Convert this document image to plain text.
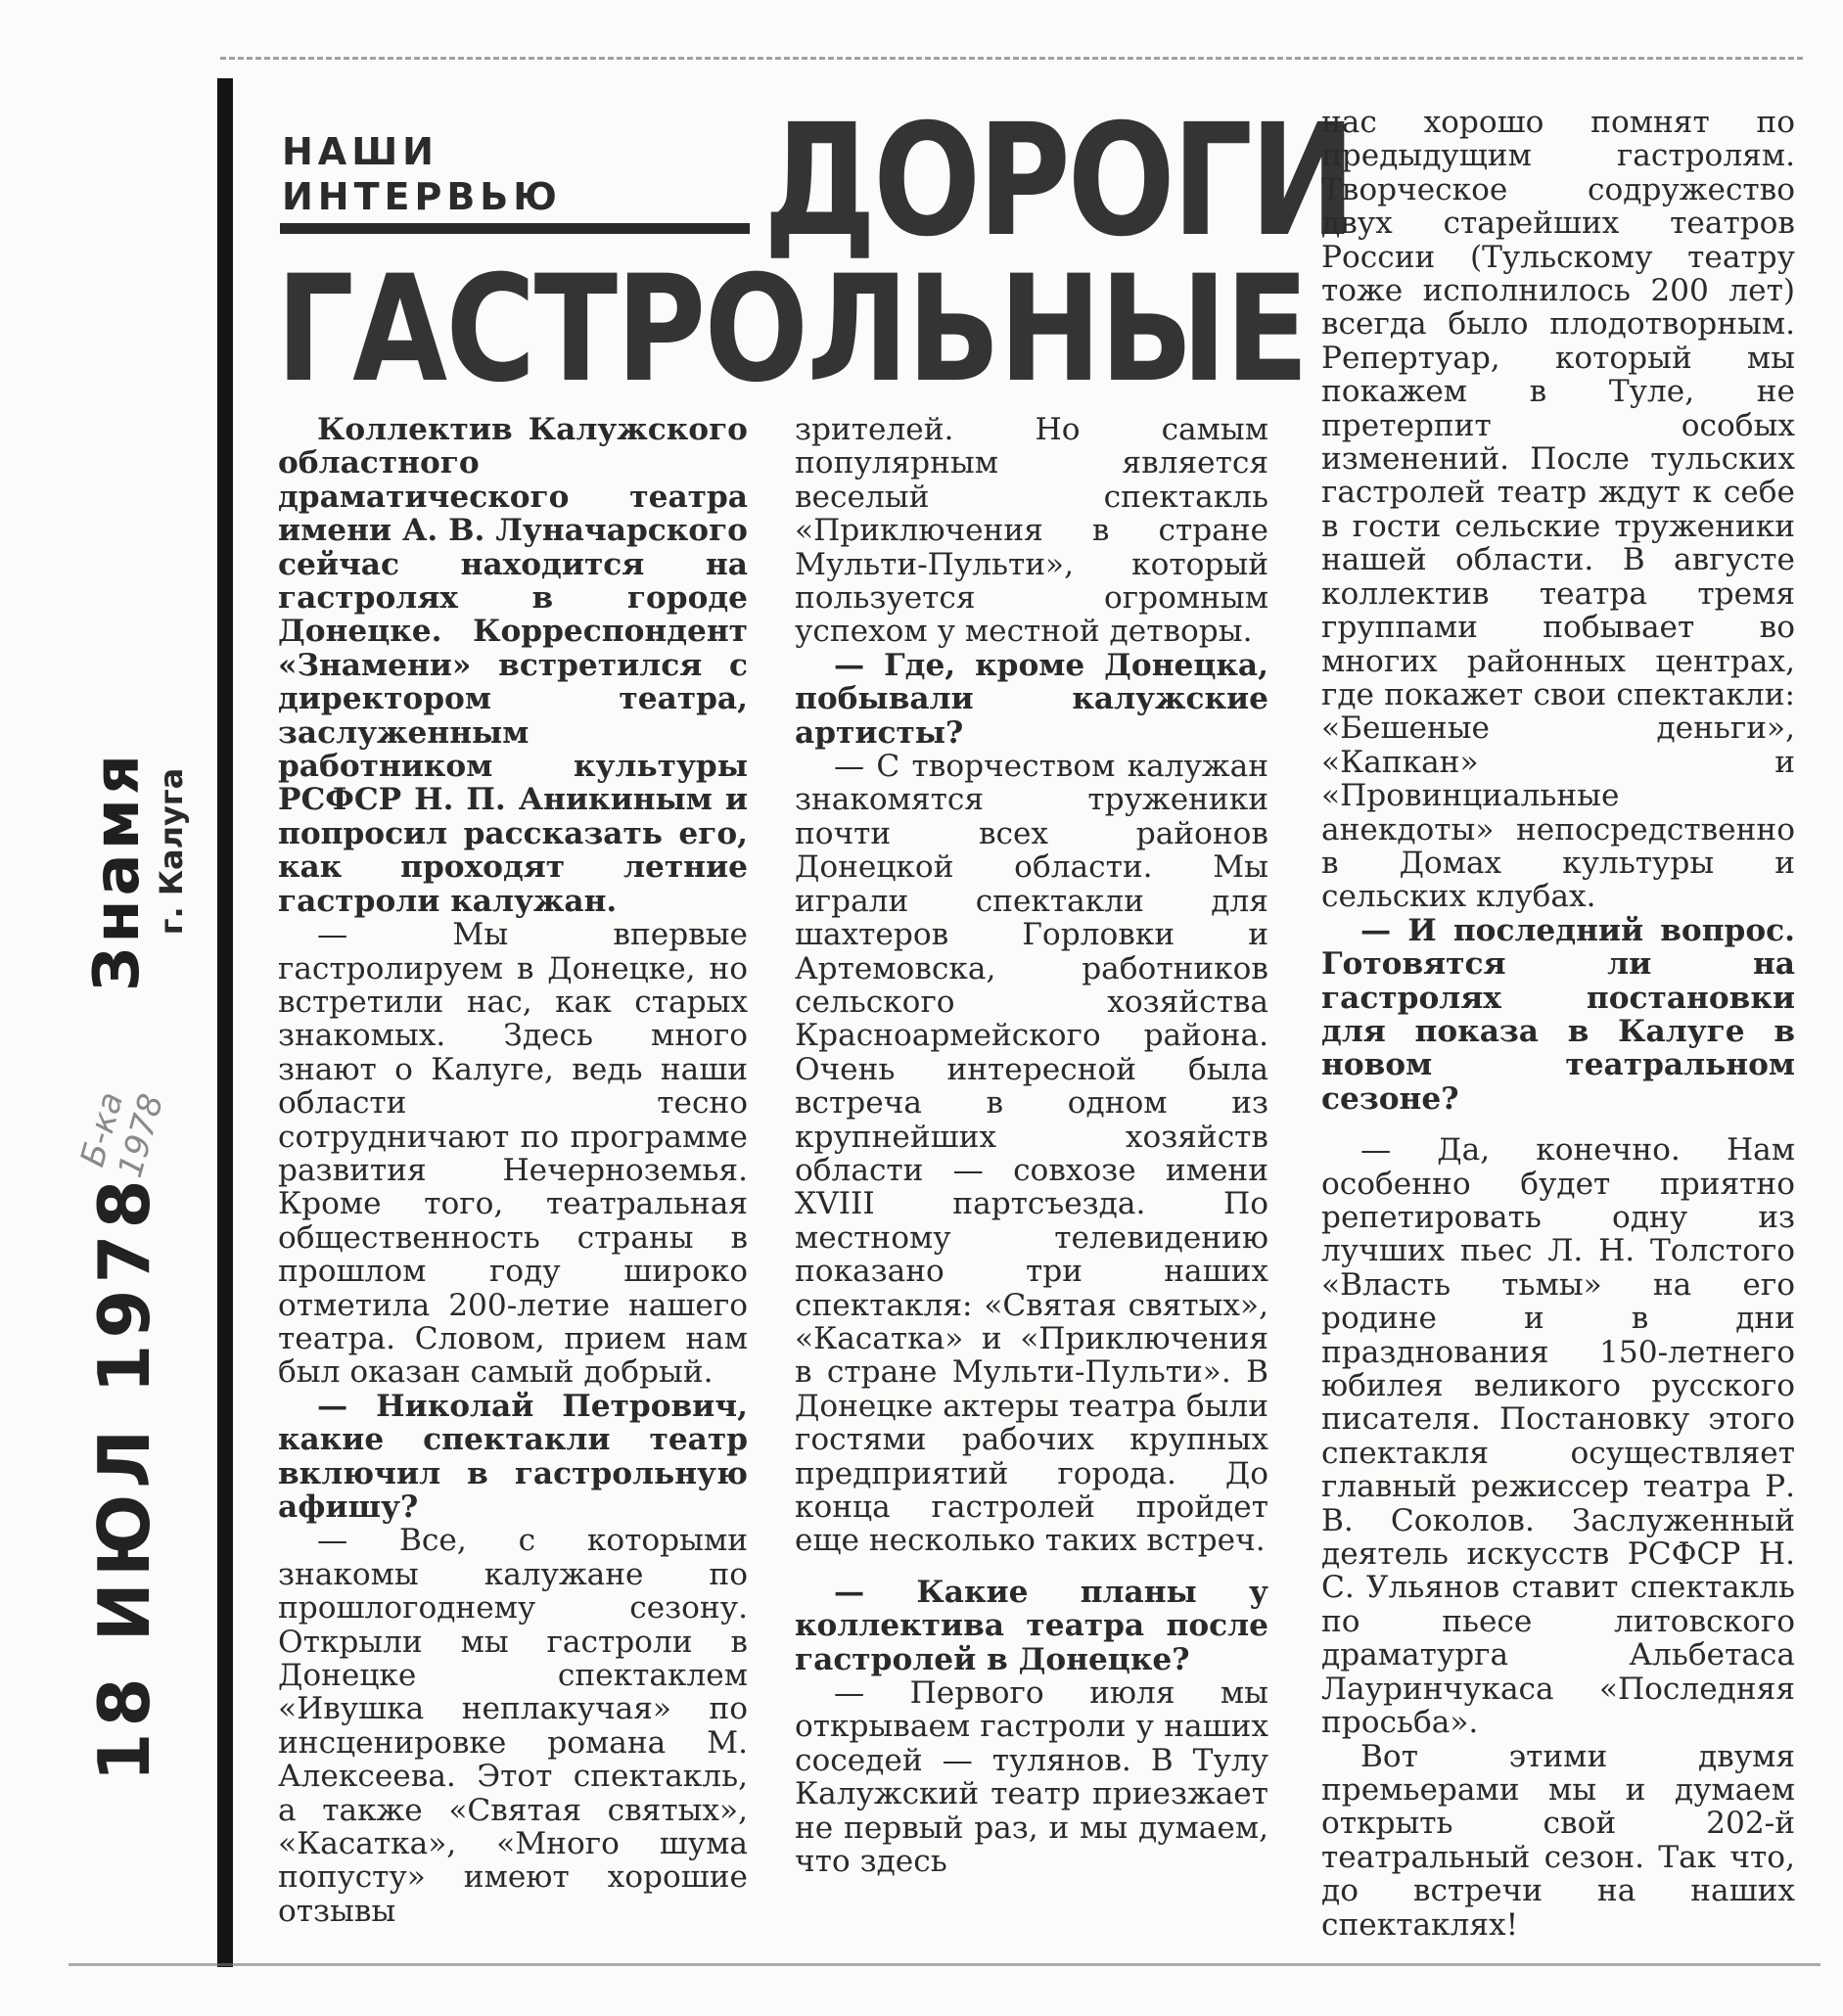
Знамя г. Калуга
Б-ка
1978
18 ИЮЛ 1978
НАШИ
ИНТЕРВЬЮ	ДОРОГИ
ГАСТРОЛЬНЫЕ

Коллектив Калужского областного драматического театра имени А. В. Луначарского сейчас находится на гастролях в городе Донецке. Корреспондент «Знамени» встретился с директором театра, заслуженным работником культуры РСФСР Н. П. Аникиным и попросил рассказать его, как проходят летние гастроли калужан.

— Мы впервые гастролируем в Донецке, но встретили нас, как старых знакомых. Здесь много знают о Калуге, ведь наши области тесно сотрудничают по программе развития Нечерноземья. Кроме того, театральная общественность страны в прошлом году широко отметила 200-летие нашего театра. Словом, прием нам был оказан самый добрый.

— Николай Петрович, какие спектакли театр включил в гастрольную афишу?

— Все, с которыми знакомы калужане по прошлогоднему сезону. Открыли мы гастроли в Донецке спектаклем «Ивушка неплакучая» по инсценировке романа М. Алексеева. Этот спектакль, а также «Святая святых», «Касатка», «Много шума попусту» имеют хорошие отзывы

зрителей. Но самым популярным является веселый спектакль «Приключения в стране Мульти-Пульти», который пользуется огромным успехом у местной детворы.

— Где, кроме Донецка, побывали калужские артисты?

— С творчеством калужан знакомятся труженики почти всех районов Донецкой области. Мы играли спектакли для шахтеров Горловки и Артемовска, работников сельского хозяйства Красноармейского района. Очень интересной была встреча в одном из крупнейших хозяйств области — совхозе имени XVIII партсъезда. По местному телевидению показано три наших спектакля: «Святая святых», «Касатка» и «Приключения в стране Мульти-Пульти». В Донецке актеры театра были гостями рабочих крупных предприятий города. До конца гастролей пройдет еще несколько таких встреч.

— Какие планы у коллектива театра после гастролей в Донецке?

— Первого июля мы открываем гастроли у наших соседей — тулянов. В Тулу Калужский театр приезжает не первый раз, и мы думаем, что здесь

нас хорошо помнят по предыдущим гастролям. Творческое содружество двух старейших театров России (Тульскому театру тоже исполнилось 200 лет) всегда было плодотворным. Репертуар, который мы покажем в Туле, не претерпит особых изменений. После тульских гастролей театр ждут к себе в гости сельские труженики нашей области. В августе коллектив театра тремя группами побывает во многих районных центрах, где покажет свои спектакли: «Бешеные деньги», «Капкан» и «Провинциальные анекдоты» непосредственно в Домах культуры и сельских клубах.

— И последний вопрос. Готовятся ли на гастролях постановки для показа в Калуге в новом театральном сезоне?

— Да, конечно. Нам особенно будет приятно репетировать одну из лучших пьес Л. Н. Толстого «Власть тьмы» на его родине и в дни празднования 150-летнего юбилея великого русского писателя. Постановку этого спектакля осуществляет главный режиссер театра Р. В. Соколов. Заслуженный деятель искусств РСФСР Н. С. Ульянов ставит спектакль по пьесе литовского драматурга Альбетаса Лауринчукаса «Последняя просьба».

Вот этими двумя премьерами мы и думаем открыть свой 202-й театральный сезон. Так что, до встречи на наших спектаклях!
